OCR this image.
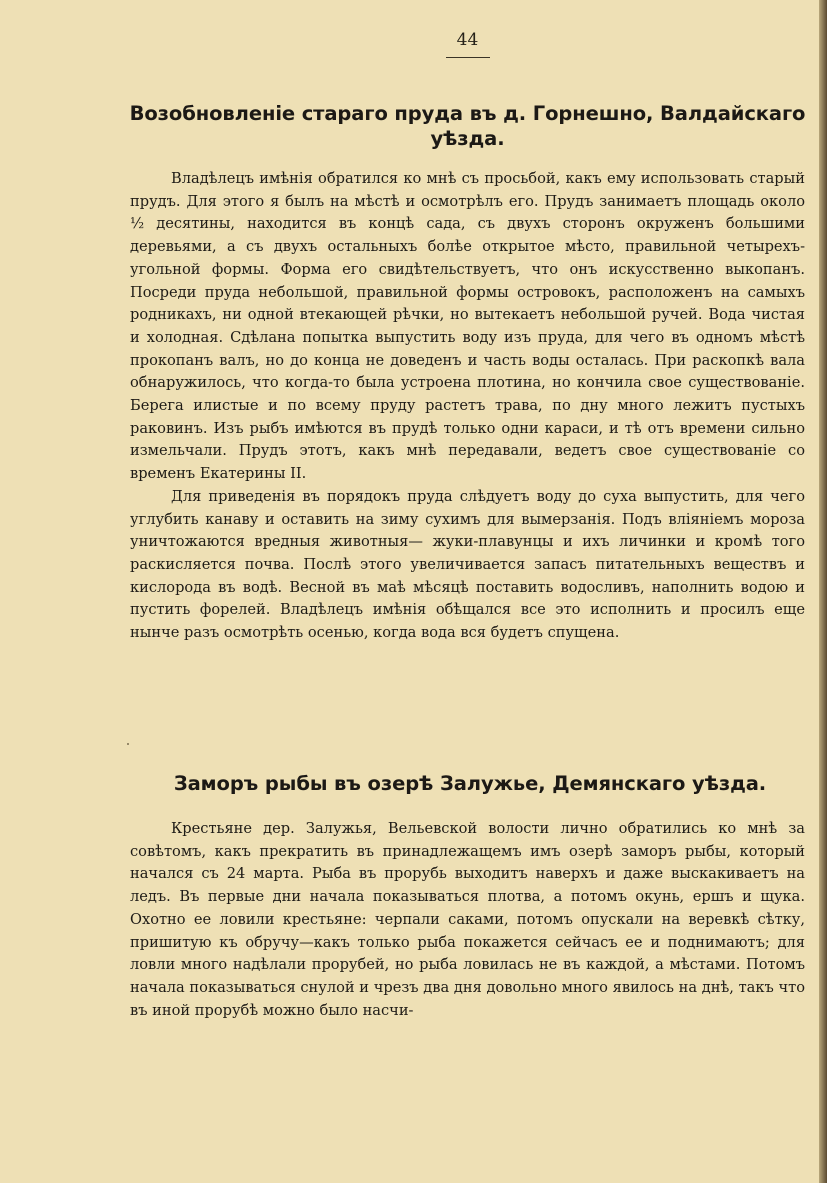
44
Возобновленіе стараго пруда въ д. Горнешно, Валдайскаго уѣзда.

Владѣлецъ имѣнія обратился ко мнѣ съ просьбой, какъ ему использовать старый прудъ. Для этого я былъ на мѣстѣ и осмотрѣлъ его. Прудъ занимаетъ площадь около ½ десятины, находится въ концѣ сада, съ двухъ сторонъ окруженъ большими деревьями, а съ двухъ остальныхъ болѣе открытое мѣсто, правильной четырехъ-угольной формы. Форма его свидѣтельствуетъ, что онъ искусственно выкопанъ. Посреди пруда небольшой, правильной формы островокъ, расположенъ на самыхъ родникахъ, ни одной втекающей рѣчки, но вытекаетъ небольшой ручей. Вода чистая и холодная. Сдѣлана попытка выпустить воду изъ пруда, для чего въ одномъ мѣстѣ прокопанъ валъ, но до конца не доведенъ и часть воды осталась. При раскопкѣ вала обнаружилось, что когда-то была устроена плотина, но кончила свое существованіе. Берега илистые и по всему пруду растетъ трава, по дну много лежитъ пустыхъ раковинъ. Изъ рыбъ имѣются въ прудѣ только одни караси, и тѣ отъ времени сильно измельчали. Прудъ этотъ, какъ мнѣ передавали, ведетъ свое существованіе со временъ Екатерины II.

Для приведенія въ порядокъ пруда слѣдуетъ воду до суха выпустить, для чего углубить канаву и оставить на зиму сухимъ для вымерзанія. Подъ вліяніемъ мороза уничтожаются вредныя животныя— жуки-плавунцы и ихъ личинки и кромѣ того раскисляется почва. Послѣ этого увеличивается запасъ питательныхъ веществъ и кислорода въ водѣ. Весной въ маѣ мѣсяцѣ поставить водосливъ, наполнить водою и пустить форелей. Владѣлецъ имѣнія обѣщался все это исполнить и просилъ еще нынче разъ осмотрѣть осенью, когда вода вся будетъ спущена.

Заморъ рыбы въ озерѣ Залужье, Демянскаго уѣзда.

Крестьяне дер. Залужья, Вельевской волости лично обратились ко мнѣ за совѣтомъ, какъ прекратить въ принадлежащемъ имъ озерѣ заморъ рыбы, который начался съ 24 марта. Рыба въ прорубь выходитъ наверхъ и даже выскакиваетъ на ледъ. Въ первые дни начала показываться плотва, а потомъ окунь, ершъ и щука. Охотно ее ловили крестьяне: черпали саками, потомъ опускали на веревкѣ сѣтку, пришитую къ обручу—какъ только рыба покажется сейчасъ ее и поднимаютъ; для ловли много надѣлали прорубей, но рыба ловилась не въ каждой, а мѣстами. Потомъ начала показываться снулой и чрезъ два дня довольно много явилось на днѣ, такъ что въ иной прорубѣ можно было насчи-
